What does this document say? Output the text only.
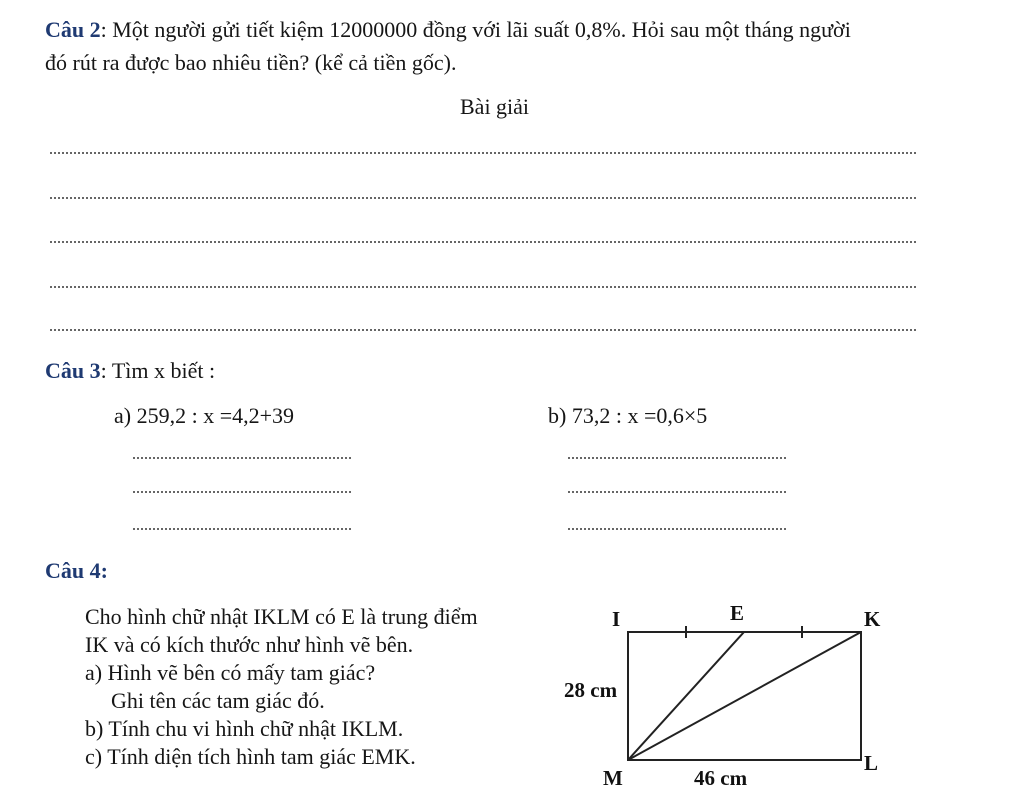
Câu 2: Một người gửi tiết kiệm 12000000 đồng với lãi suất 0,8%. Hỏi sau một tháng người
đó rút ra được bao nhiêu tiền? (kể cả tiền gốc).
Bài giải
Câu 3: Tìm x biết :
a) 259,2 : x =4,2+39	b) 73,2 : x =0,6×5
Câu 4:
Cho hình chữ nhật IKLM có E là trung điểm
IK và có kích thước như hình vẽ bên.
a) Hình vẽ bên có mấy tam giác?
Ghi tên các tam giác đó.
b) Tính chu vi hình chữ nhật IKLM.
c) Tính diện tích hình tam giác EMK.
I	E	K
M
L
28 cm
46 cm
